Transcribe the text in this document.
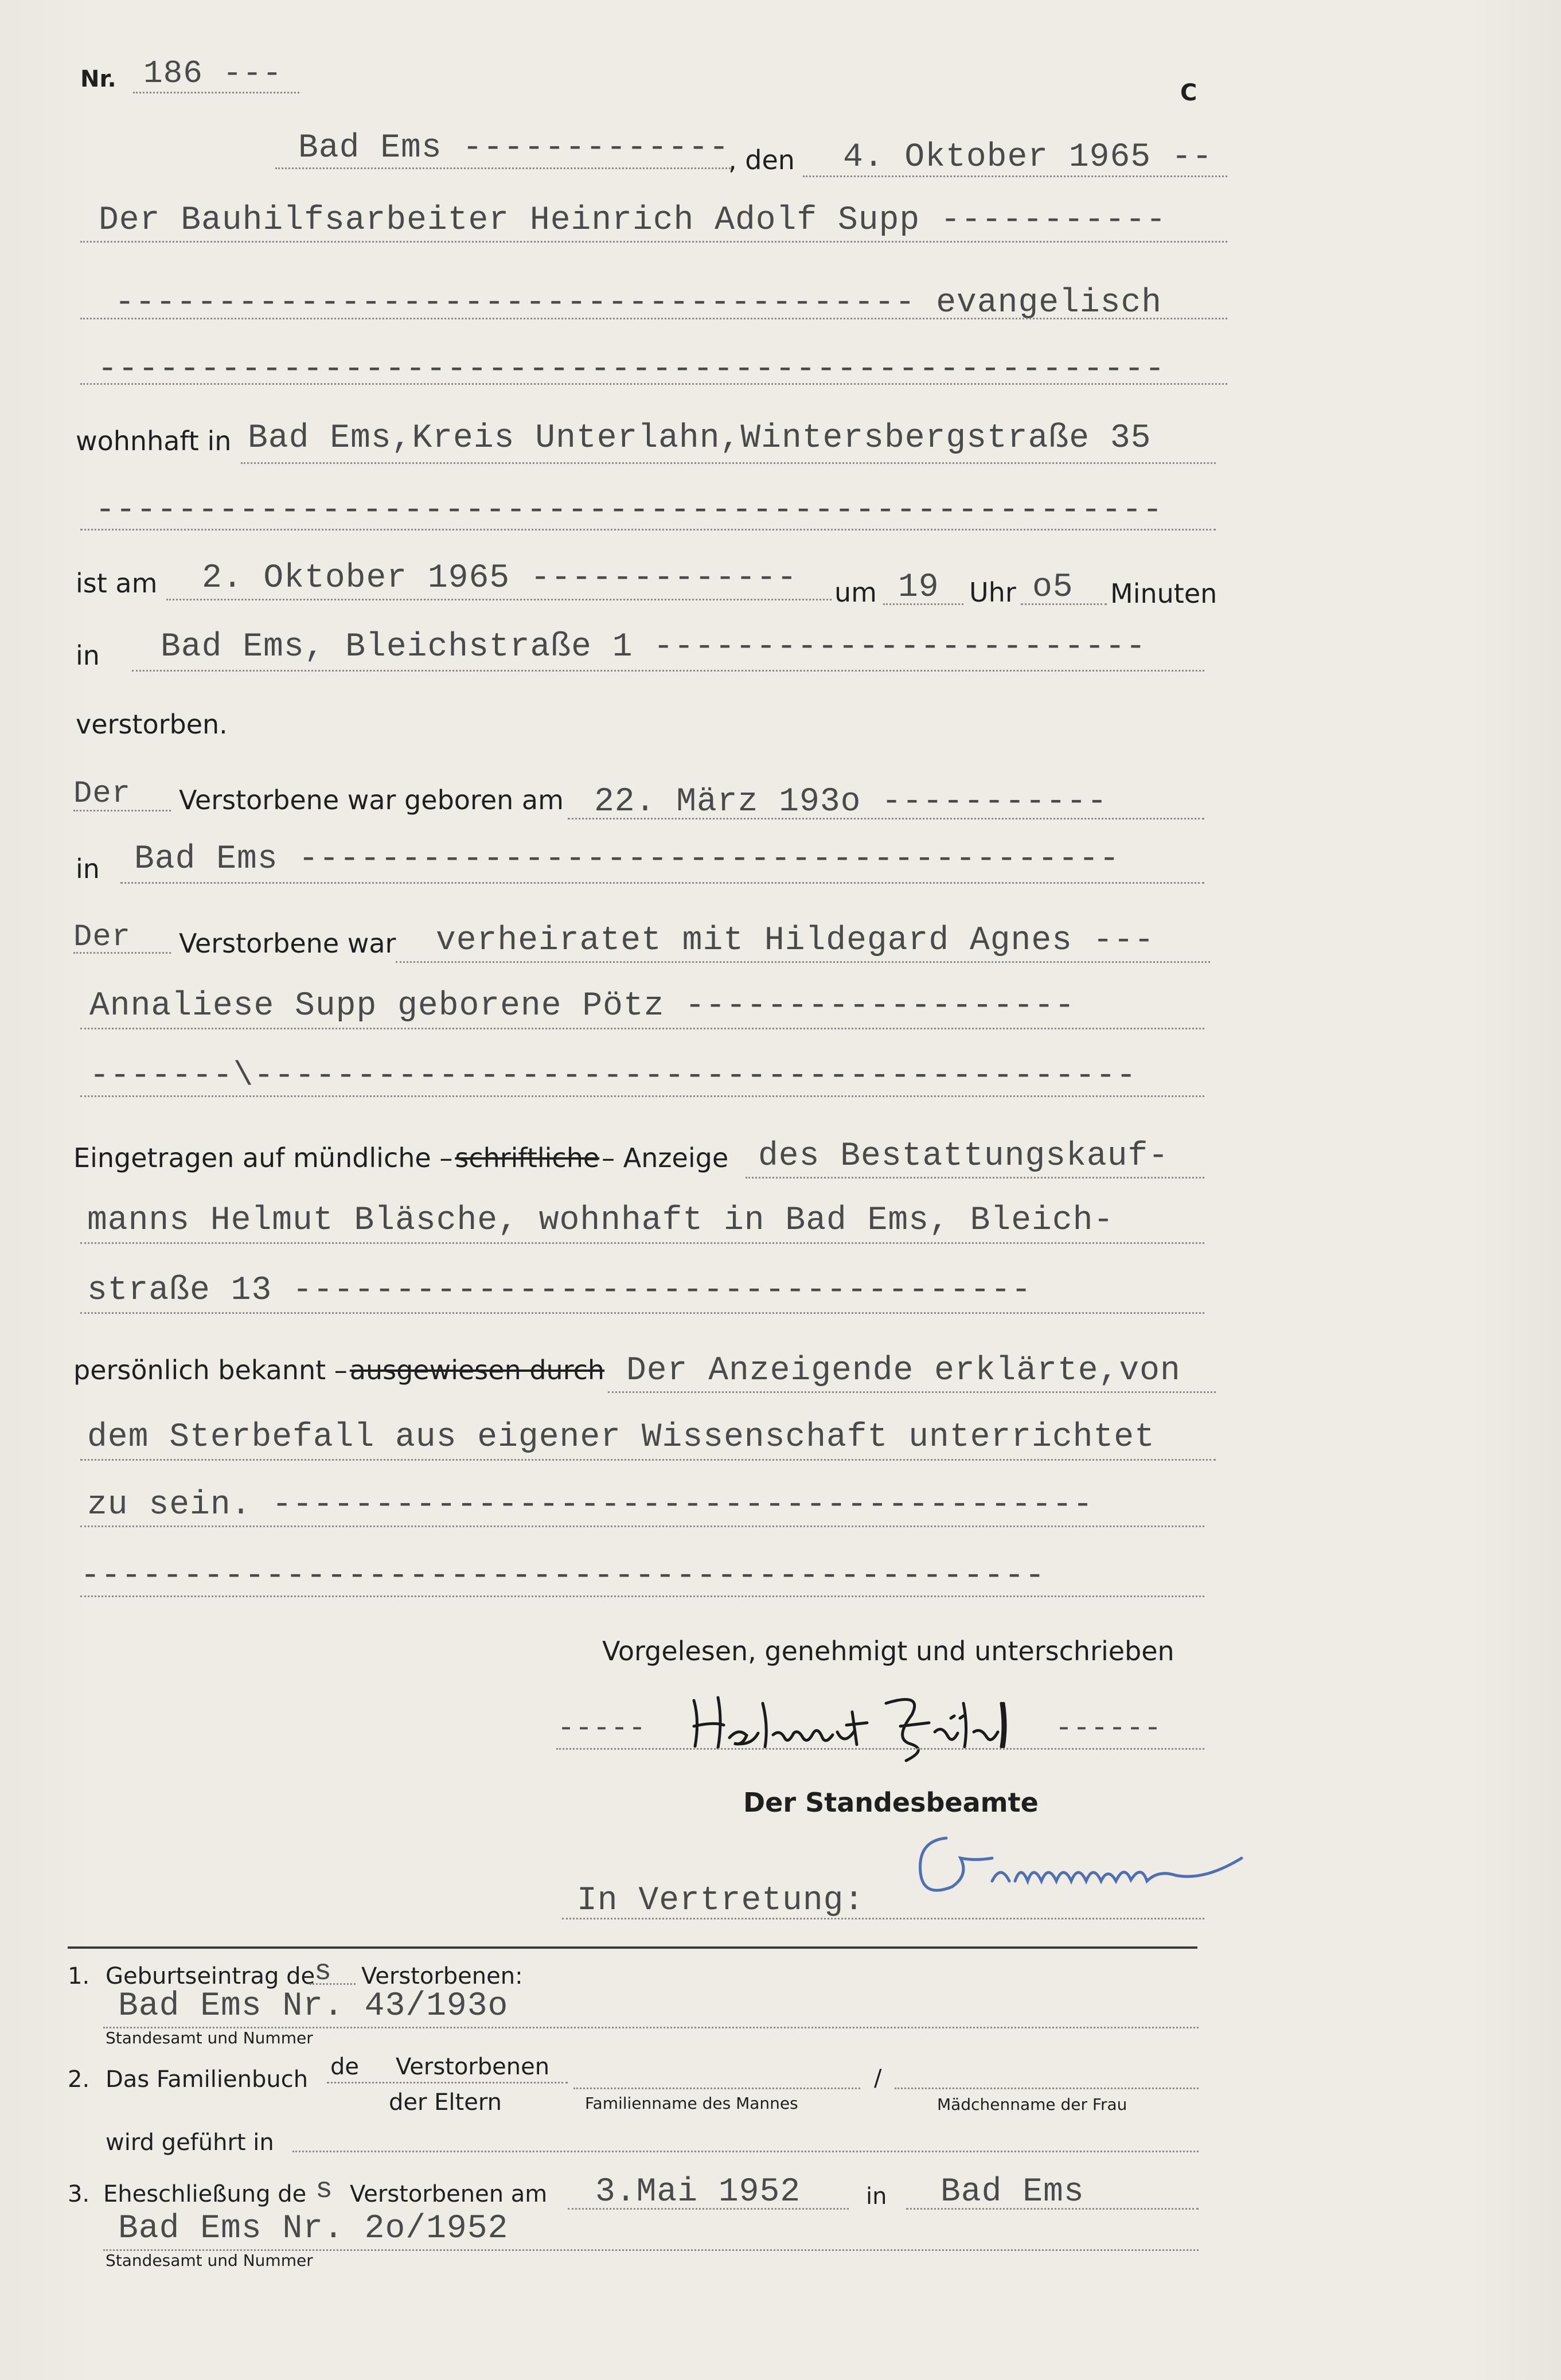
Nr. 186 ---
C
Bad Ems -------------
, den 4. Oktober 1965 --
Der Bauhilfsarbeiter Heinrich Adolf Supp -----------
--------------------------------------- evangelisch
----------------------------------------------------
wohnhaft in Bad Ems,Kreis Unterlahn,Wintersbergstraße 35
----------------------------------------------------
ist am 2. Oktober 1965 ------------- um 19 Uhr o5 Minuten
in Bad Ems, Bleichstraße 1 ------------------------
verstorben.
Der Verstorbene war geboren am 22. März 193o -----------
in Bad Ems ----------------------------------------
Der Verstorbene war verheiratet mit Hildegard Agnes ---
Annaliese Supp geborene Pötz -------------------
-------\-------------------------------------------
Eingetragen auf mündliche – schriftliche – Anzeige des Bestattungskauf-
manns Helmut Bläsche, wohnhaft in Bad Ems, Bleich-
straße 13 ------------------------------------
persönlich bekannt – ausgewiesen durch Der Anzeigende erklärte,von
dem Sterbefall aus eigener Wissenschaft unterrichtet
zu sein. ----------------------------------------
-----------------------------------------------
Vorgelesen, genehmigt und unterschrieben
-----	------
Der Standesbeamte
In Vertretung:
1. Geburtseintrag de
s Verstorbenen:
Bad Ems Nr. 43/193o
Standesamt und Nummer
2. Das Familienbuch de Verstorbenen
der Eltern
/
Familienname des Mannes	Mädchenname der Frau
wird geführt in
3. Eheschließung de s Verstorbenen am 3.Mai 1952	in Bad Ems
Bad Ems Nr. 2o/1952
Standesamt und Nummer
